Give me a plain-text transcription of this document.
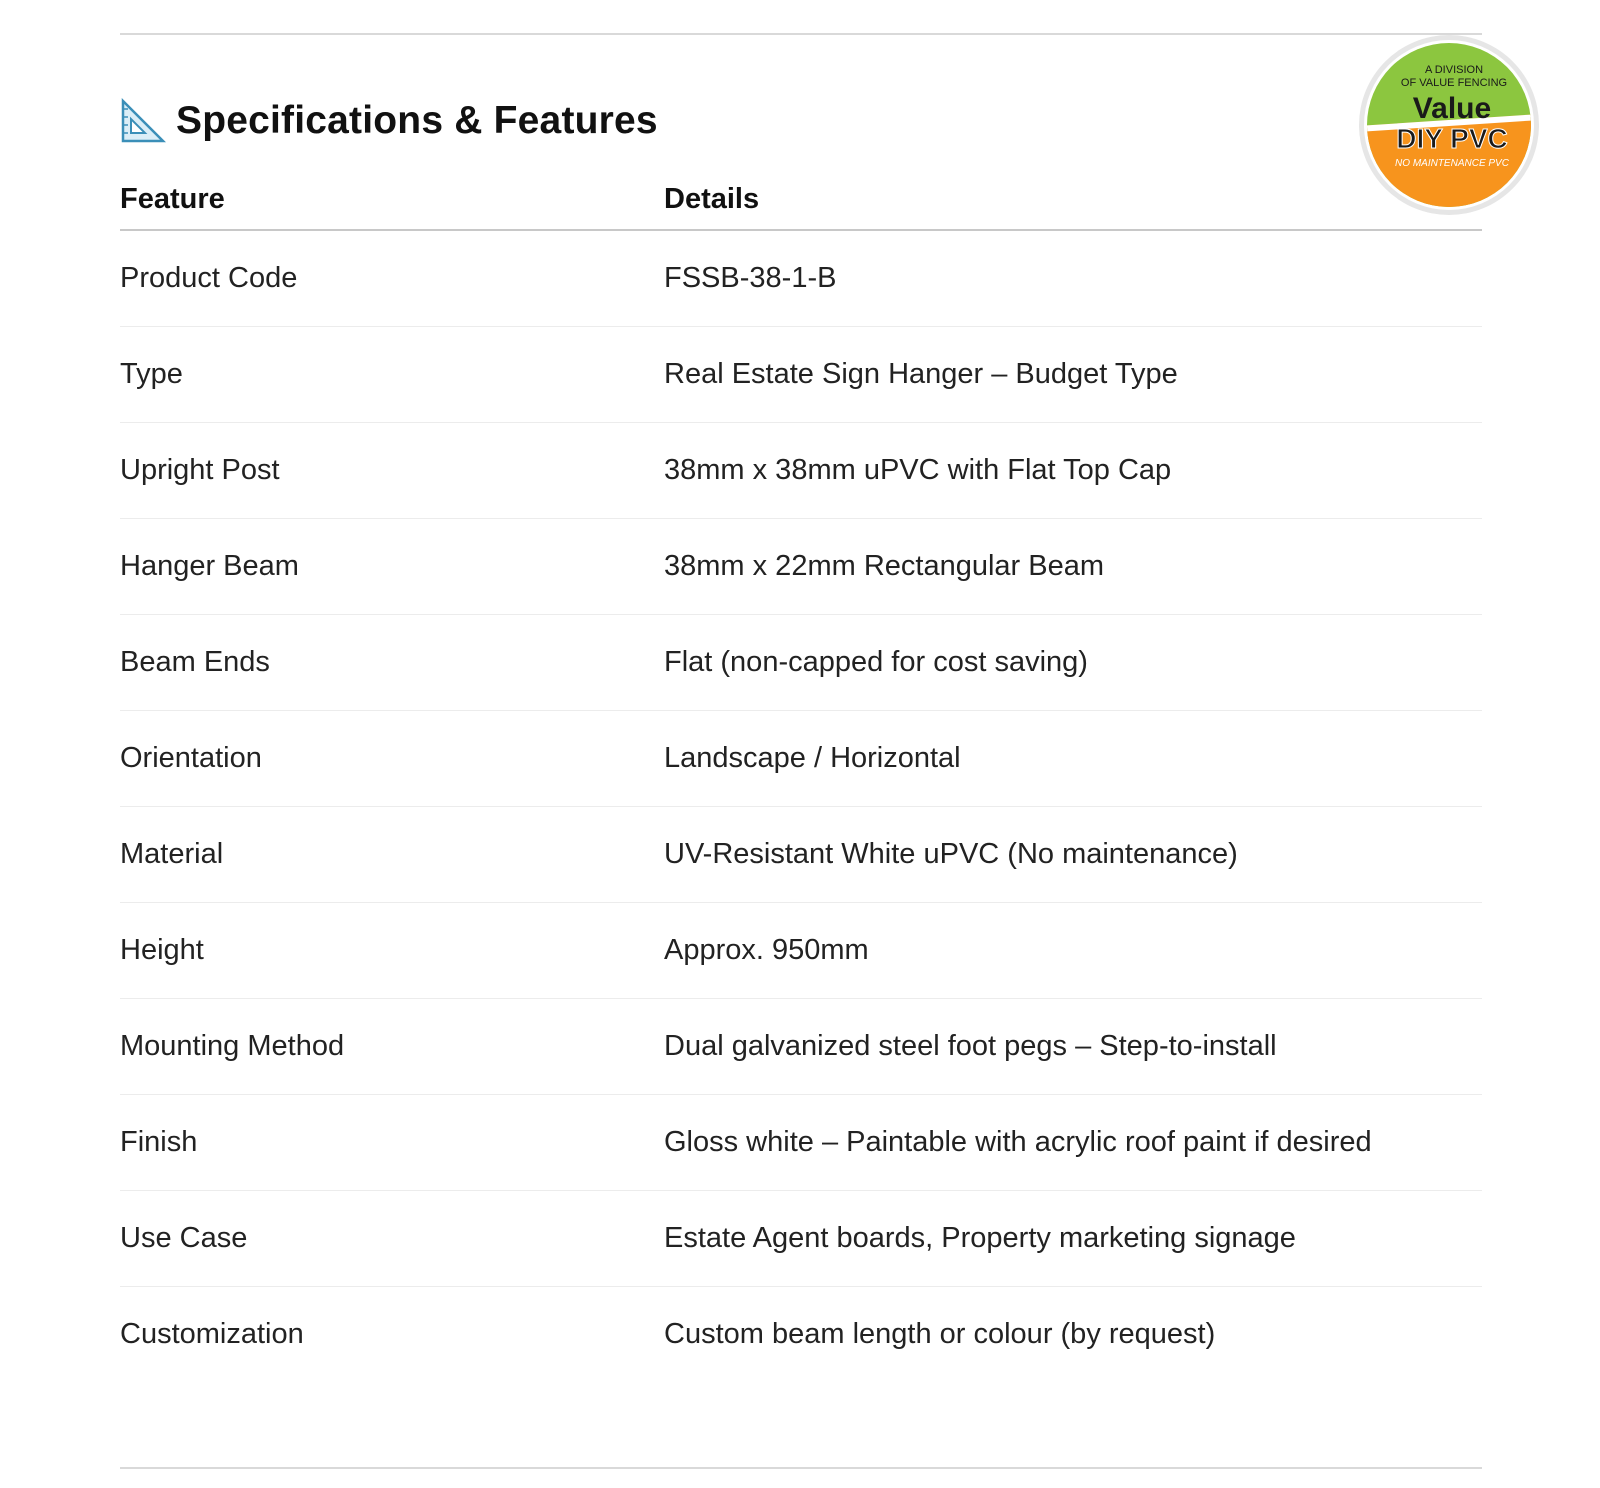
Specifications & Features
A DIVISION
OF VALUE FENCING
Value
DIY PVC
NO MAINTENANCE PVC
Feature	Details
Product Code	FSSB-38-1-B
Type	Real Estate Sign Hanger – Budget Type
Upright Post	38mm x 38mm uPVC with Flat Top Cap
Hanger Beam	38mm x 22mm Rectangular Beam
Beam Ends	Flat (non-capped for cost saving)
Orientation	Landscape / Horizontal
Material	UV-Resistant White uPVC (No maintenance)
Height	Approx. 950mm
Mounting Method	Dual galvanized steel foot pegs – Step-to-install
Finish	Gloss white – Paintable with acrylic roof paint if desired
Use Case	Estate Agent boards, Property marketing signage
Customization	Custom beam length or colour (by request)
